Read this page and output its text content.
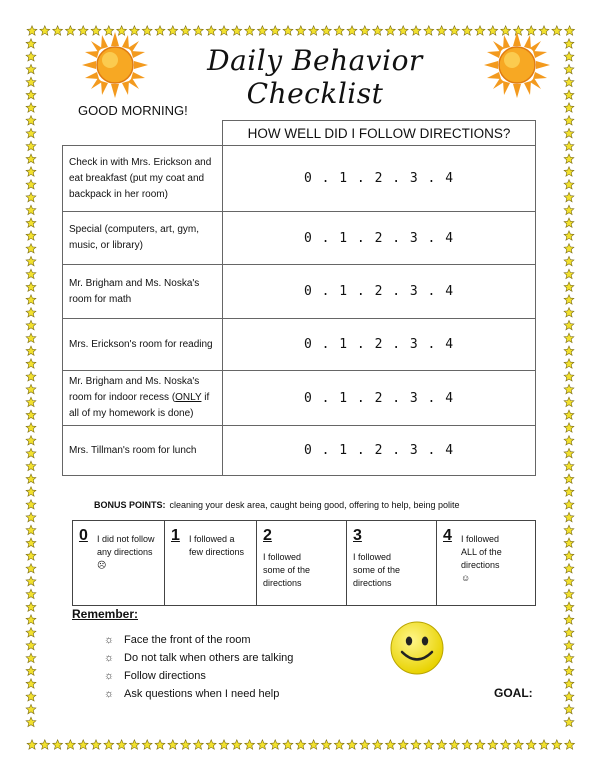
Daily Behavior Checklist
GOOD MORNING!
	HOW WELL DID I FOLLOW DIRECTIONS?
Check in with Mrs. Erickson and eat breakfast (put my coat and backpack in her room)	0 . 1 . 2 . 3 . 4
Special (computers, art, gym, music, or library)	0 . 1 . 2 . 3 . 4
Mr. Brigham and Ms. Noska's room for math	0 . 1 . 2 . 3 . 4
Mrs. Erickson's room for reading	0 . 1 . 2 . 3 . 4
Mr. Brigham and Ms. Noska's room for indoor recess (ONLY if all of my homework is done)	0 . 1 . 2 . 3 . 4
Mrs. Tillman's room for lunch	0 . 1 . 2 . 3 . 4
BONUS POINTS: cleaning your desk area, caught being good, offering to help, being polite
0 I did not follow any directions ☹	1 I followed a few directions	2I followed some of the directions	3I followed some of the directions	4 I followed ALL of the directions ☺
Remember:
☼ Face the front of the room
☼ Do not talk when others are talking
☼ Follow directions
☼ Ask questions when I need help	GOAL:
